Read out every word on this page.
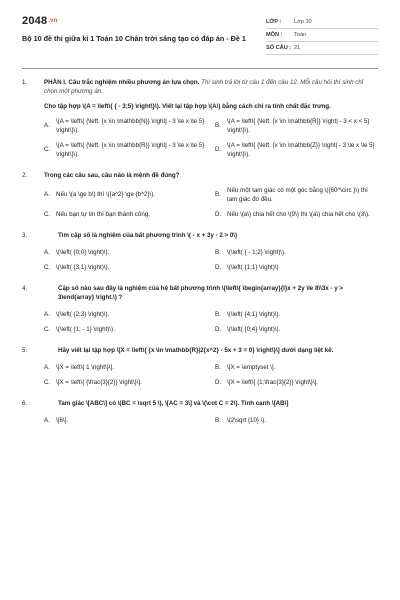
2048.vn
Bộ 10 đề thi giữa kì 1 Toán 10 Chân trời sáng tạo có đáp án - Đề 1
LỚP :	Lớp 10
MÔN :	Toán
SỐ CÂU : 21
1.	PHẦN I. Câu trắc nghiệm nhiều phương án lựa chọn. Thí sinh trả lời từ câu 1 đến câu 12. Mỗi câu hỏi thí sinh chỉ chọn một phương án.
Cho tập hợp \(A = \left\{ { - 3;5} \right\}\). Viết lại tập hợp \(A\) bằng cách chỉ ra tính chất đặc trưng.
A.
\(A = \left\{ {\left. {x \in \mathbb{N}} \right| - 3 \le x \le 5} \right\}\).
B.
\(A = \left\{ {\left. {x \in \mathbb{R}} \right| - 3 < x < 5} \right\}\).
C.
\(A = \left\{ {\left. {x \in \mathbb{R}} \right| - 3 \le x \le 5} \right\}\).
D.
\(A = \left\{ {\left. {x \in \mathbb{Z}} \right| - 3 \le x \le 5} \right\}\).
2.	Trong các câu sau, câu nào là mệnh đề đúng?
A. Nếu \(a \ge b\) thì \({a^2} \ge {b^2}\).	B.
Nếu một tam giác có một góc bằng \({60^\circ }\) thì tam giác đó đều.
C. Nếu bạn tự tin thì bạn thành công.	D. Nếu \(a\) chia hết cho \(9\) thì \(a\) chia hết cho \(3\).
3.	Tìm cặp số là nghiệm của bất phương trình \( - x + 3y - 2 > 0\)
A. \(\left( {0;0} \right)\).	B. \(\left( { - 1;2} \right)\).
C. \(\left( {3;1} \right)\).	D. \(\left( {1;1} \right)\)
4.	Cặp số nào sau đây là nghiệm của hệ bất phương trình \(\left\{ \begin{array}{l}x + 2y \le 8\\3x - y > 3\end{array} \right.\) ?
A. \(\left( {2;3} \right)\).	B. \(\left( {4;1} \right)\).
C. \(\left( {1; - 1} \right)\).	D. \(\left( {0;4} \right)\).
5.	Hãy viết lại tập hợp \[X = \left\{ {x \in \mathbb{R}|2{x^2} - 5x + 3 = 0} \right\}\] dưới dạng liệt kê.
A. \[X = \left\{ 1 \right\}\].	B. \[X = \emptyset \].
C. \[X = \left\{ {\frac{3}{2}} \right\}\].	D. \[X = \left\{ {1;\frac{3}{2}} \right\}\].
6.	Tam giác \[ABC\] có \(BC = \sqrt 5 \), \[AC = 3\] và \(\cot C = 2\). Tính cạnh \[AB\]
A. \[6\].	B. \(2\sqrt {10} \).
